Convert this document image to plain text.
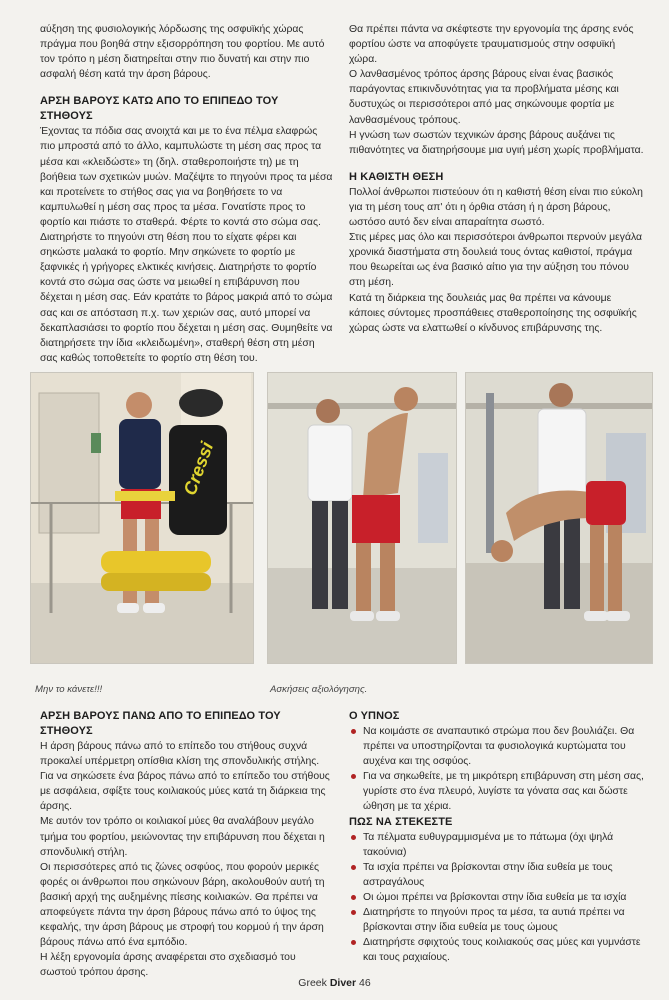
αύξηση της φυσιολογικής λόρδωσης της οσφυϊκής χώρας πράγμα που βοηθά στην εξισορρόπηση του φορτίου. Με αυτό τον τρόπο η μέση διατηρείται στην πιο δυνατή και στην πιο ασφαλή θέση κατά την άρση βάρους.

ΑΡΣΗ ΒΑΡΟΥΣ ΚΑΤΩ ΑΠΟ ΤΟ ΕΠΙΠΕΔΟ ΤΟΥ ΣΤΗΘΟΥΣ

Έχοντας τα πόδια σας ανοιχτά και με το ένα πέλμα ελαφρώς πιο μπροστά από το άλλο, καμπυλώστε τη μέση σας προς τα μέσα και «κλειδώστε» τη (δηλ. σταθεροποιήστε τη) με τη βοήθεια των σχετικών μυών. Μαζέψτε το πηγούνι προς τα μέσα και προτείνετε το στήθος σας για να βοηθήσετε το να καμπυλωθεί η μέση σας προς τα μέσα. Γονατίστε προς το φορτίο και πιάστε το σταθερά. Φέρτε το κοντά στο σώμα σας. Διατηρήστε το πηγούνι στη θέση που το είχατε φέρει και σηκώστε μαλακά το φορτίο. Μην σηκώνετε το φορτίο με ξαφνικές ή γρήγορες ελκτικές κινήσεις. Διατηρήστε το φορτίο κοντά στο σώμα σας ώστε να μειωθεί η επιβάρυνση που δέχεται η μέση σας. Εάν κρατάτε το βάρος μακριά από το σώμα σας και σε απόσταση π.χ. των χεριών σας, αυτό μπορεί να δεκαπλασιάσει το φορτίο που δέχεται η μέση σας. Θυμηθείτε να διατηρήσετε την ίδια «κλειδωμένη», σταθερή θέση στη μέση σας καθώς τοποθετείτε το φορτίο στη θέση του.

Θα πρέπει πάντα να σκέφτεστε την εργονομία της άρσης ενός φορτίου ώστε να αποφύγετε τραυματισμούς στην οσφυϊκή χώρα.

Ο λανθασμένος τρόπος άρσης βάρους είναι ένας βασικός παράγοντας επικινδυνότητας για τα προβλήματα μέσης και δυστυχώς οι περισσότεροι από μας σηκώνουμε φορτία με λανθασμένους τρόπους.

Η γνώση των σωστών τεχνικών άρσης βάρους αυξάνει τις πιθανότητες να διατηρήσουμε μια υγιή μέση χωρίς προβλήματα.

Η ΚΑΘΙΣΤΗ ΘΕΣΗ

Πολλοί άνθρωποι πιστεύουν ότι η καθιστή θέση είναι πιο εύκολη για τη μέση τους απ' ότι η όρθια στάση ή η άρση βάρους, ωστόσο αυτό δεν είναι απαραίτητα σωστό.

Στις μέρες μας όλο και περισσότεροι άνθρωποι περνούν μεγάλα χρονικά διαστήματα στη δουλειά τους όντας καθιστοί, πράγμα που θεωρείται ως ένα βασικό αίτιο για την αύξηση του πόνου στη μέση.

Κατά τη διάρκεια της δουλειάς μας θα πρέπει να κάνουμε κάποιες σύντομες προσπάθειες σταθεροποίησης της οσφυϊκής χώρας ώστε να ελαττωθεί ο κίνδυνος επιβάρυνσης της.

Cressi
Μην το κάνετε!!!	Ασκήσεις αξιολόγησης.
ΑΡΣΗ ΒΑΡΟΥΣ ΠΑΝΩ ΑΠΟ ΤΟ ΕΠΙΠΕΔΟ ΤΟΥ ΣΤΗΘΟΥΣ

Η άρση βάρους πάνω από το επίπεδο του στήθους συχνά προκαλεί υπέρμετρη οπίσθια κλίση της σπονδυλικής στήλης.

Για να σηκώσετε ένα βάρος πάνω από το επίπεδο του στήθους με ασφάλεια, σφίξτε τους κοιλιακούς μύες κατά τη διάρκεια της άρσης.

Με αυτόν τον τρόπο οι κοιλιακοί μύες θα αναλάβουν μεγάλο τμήμα του φορτίου, μειώνοντας την επιβάρυνση που δέχεται η σπονδυλική στήλη.

Οι περισσότερες από τις ζώνες οσφύος, που φορούν μερικές φορές οι άνθρωποι που σηκώνουν βάρη, ακολουθούν αυτή τη βασική αρχή της αυξημένης πίεσης κοιλιακών. Θα πρέπει να αποφεύγετε πάντα την άρση βάρους πάνω από το ύψος της κεφαλής, την άρση βάρους με στροφή του κορμού ή την άρση βάρους πάνω από ένα εμπόδιο.

Η λέξη εργονομία άρσης αναφέρεται στο σχεδιασμό του σωστού τρόπου άρσης.

Ο ΥΠΝΟΣ
Να κοιμάστε σε αναπαυτικό στρώμα που δεν βουλιάζει. Θα πρέπει να υποστηρίζονται τα φυσιολογικά κυρτώματα του αυχένα και της οσφύος.
Για να σηκωθείτε, με τη μικρότερη επιβάρυνση στη μέση σας, γυρίστε στο ένα πλευρό, λυγίστε τα γόνατα σας και δώστε ώθηση με τα χέρια.
ΠΩΣ ΝΑ ΣΤΕΚΕΣΤΕ
Τα πέλματα ευθυγραμμισμένα με το πάτωμα (όχι ψηλά τακούνια)
Τα ισχία πρέπει να βρίσκονται στην ίδια ευθεία με τους αστραγάλους
Οι ώμοι πρέπει να βρίσκονται στην ίδια ευθεία με τα ισχία
Διατηρήστε το πηγούνι προς τα μέσα, τα αυτιά πρέπει να βρίσκονται στην ίδια ευθεία με τους ώμους
Διατηρήστε σφιχτούς τους κοιλιακούς σας μύες και γυμνάστε και τους ραχιαίους.
Greek Diver 46
